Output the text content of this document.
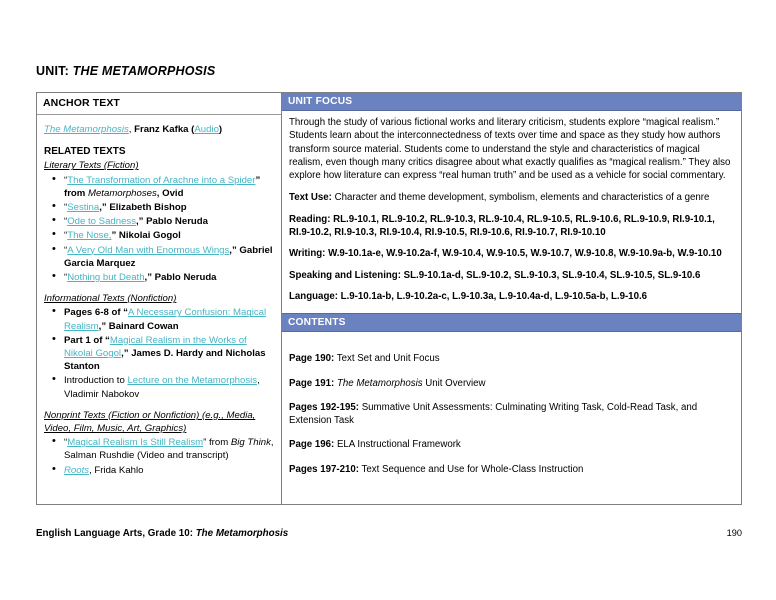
UNIT: THE METAMORPHOSIS
ANCHOR TEXT
The Metamorphosis, Franz Kafka (Audio)
RELATED TEXTS
Literary Texts (Fiction)
• “The Transformation of Arachne into a Spider” from Metamorphoses, Ovid
• “Sestina,” Elizabeth Bishop
• “Ode to Sadness,” Pablo Neruda
• “The Nose,” Nikolai Gogol
• “A Very Old Man with Enormous Wings,” Gabriel Garcia Marquez
• “Nothing but Death,” Pablo Neruda
Informational Texts (Nonfiction)
• Pages 6-8 of “A Necessary Confusion: Magical Realism,” Bainard Cowan
• Part 1 of “Magical Realism in the Works of Nikolai Gogol,” James D. Hardy and Nicholas Stanton
• Introduction to Lecture on the Metamorphosis, Vladimir Nabokov
Nonprint Texts (Fiction or Nonfiction) (e.g., Media, Video, Film, Music, Art, Graphics)
• “Magical Realism Is Still Realism” from Big Think, Salman Rushdie (Video and transcript)
• Roots, Frida Kahlo
UNIT FOCUS

Through the study of various fictional works and literary criticism, students explore “magical realism.” Students learn about the interconnectedness of texts over time and space as they study how authors transform source material. Students come to understand the style and characteristics of magical realism, even though many critics disagree about what exactly qualifies as “magical realism.” They also explore how literature can express “real human truth” and be used as a vehicle for social commentary.

Text Use: Character and theme development, symbolism, elements and characteristics of a genre

Reading: RL.9-10.1, RL.9-10.2, RL.9-10.3, RL.9-10.4, RL.9-10.5, RL.9-10.6, RL.9-10.9, RI.9-10.1, RI.9-10.2, RI.9-10.3, RI.9-10.4, RI.9-10.5, RI.9-10.6, RI.9-10.7, RI.9-10.10

Writing: W.9-10.1a-e, W.9-10.2a-f, W.9-10.4, W.9-10.5, W.9-10.7, W.9-10.8, W.9-10.9a-b, W.9-10.10

Speaking and Listening: SL.9-10.1a-d, SL.9-10.2, SL.9-10.3, SL.9-10.4, SL.9-10.5, SL.9-10.6

Language: L.9-10.1a-b, L.9-10.2a-c, L.9-10.3a, L.9-10.4a-d, L.9-10.5a-b, L.9-10.6

CONTENTS

Page 190: Text Set and Unit Focus

Page 191: The Metamorphosis Unit Overview

Pages 192-195: Summative Unit Assessments: Culminating Writing Task, Cold-Read Task, and Extension Task

Page 196: ELA Instructional Framework

Pages 197-210: Text Sequence and Use for Whole-Class Instruction

English Language Arts, Grade 10: The Metamorphosis	190
